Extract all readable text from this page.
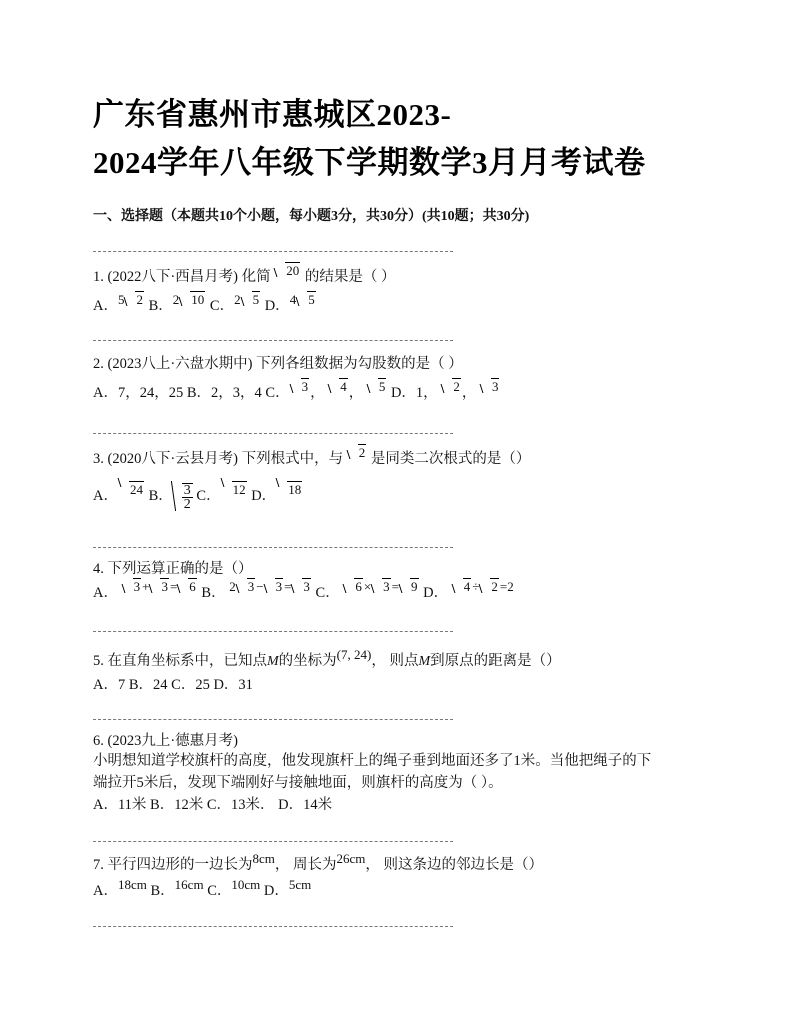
广东省惠州市惠城区2023-
2024学年八年级下学期数学3月月考试卷
一、选择题（本题共10个小题，每小题3分，共30分）(共10题；共30分)
1. (2022八下·西昌月考) 化简 20 的结果是（ ）
A．5 2 B．2 10 C．2 5 D．4 5
2. (2023八上·六盘水期中) 下列各组数据为勾股数的是（ ）
A．7，24，25 B．2，3，4 C． 3 ， 4 ， 5 D．1， 2 ， 3
3. (2020八下·云县月考) 下列根式中，与 2 是同类二次根式的是（）
A． 24 B． $\frac{3}{2}$ C． 12 D． 18
4. 下列运算正确的是（）
A． 3 + 3 = 6 B． 2 3 − 3 = 3 C． 6 × 3 = 9 D． 4 ÷ 2 =2
5. 在直角坐标系中，已知点M的坐标为(7, 24)， 则点M到原点的距离是（）
A．7 B．24 C．25 D．31
6. (2023九上·德惠月考)
小明想知道学校旗杆的高度，他发现旗杆上的绳子垂到地面还多了1米。当他把绳子的下
端拉开5米后，发现下端刚好与接触地面，则旗杆的高度为（ ）。
A．11米 B．12米 C．13米． D．14米
7. 平行四边形的一边长为8cm， 周长为26cm， 则这条边的邻边长是（）
A．18cm B．16cm C．10cm D．5cm
